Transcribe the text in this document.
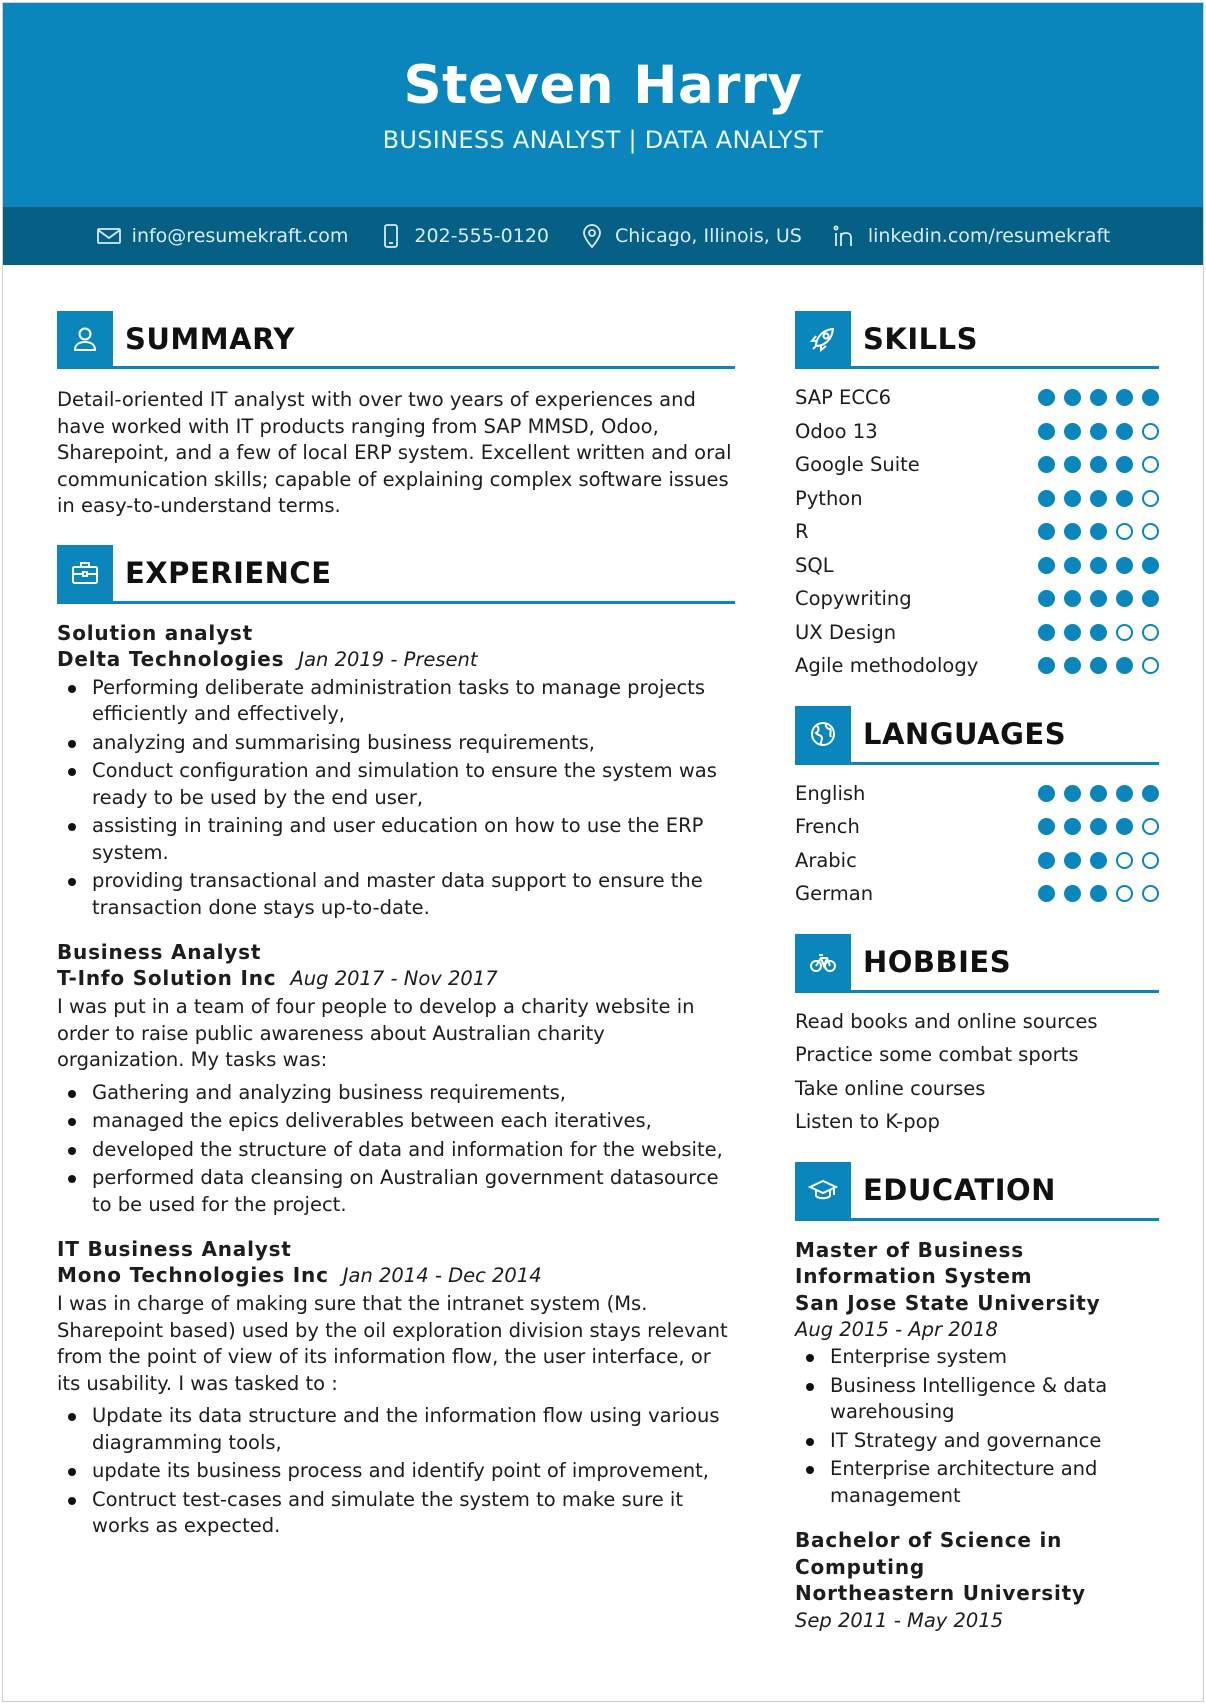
Steven Harry
BUSINESS ANALYST | DATA ANALYST
info@resumekraft.com	202-555-0120	Chicago, Illinois, US	linkedin.com/resumekraft
SUMMARY

Detail-oriented IT analyst with over two years of experiences and have worked with IT products ranging from SAP MMSD, Odoo, Sharepoint, and a few of local ERP system. Excellent written and oral communication skills; capable of explaining complex software issues in easy-to-understand terms.

EXPERIENCE
Solution analyst
Delta Technologies Jan 2019 - Present
Performing deliberate administration tasks to manage projects efficiently and effectively,
analyzing and summarising business requirements,
Conduct configuration and simulation to ensure the system was ready to be used by the end user,
assisting in training and user education on how to use the ERP system.
providing transactional and master data support to ensure the transaction done stays up-to-date.
Business Analyst
T-Info Solution Inc Aug 2017 - Nov 2017

I was put in a team of four people to develop a charity website in order to raise public awareness about Australian charity organization. My tasks was:

Gathering and analyzing business requirements,
managed the epics deliverables between each iteratives,
developed the structure of data and information for the website,
performed data cleansing on Australian government datasource to be used for the project.
IT Business Analyst
Mono Technologies Inc Jan 2014 - Dec 2014

I was in charge of making sure that the intranet system (Ms. Sharepoint based) used by the oil exploration division stays relevant from the point of view of its information flow, the user interface, or its usability. I was tasked to :

Update its data structure and the information flow using various diagramming tools,
update its business process and identify point of improvement,
Contruct test-cases and simulate the system to make sure it works as expected.
SKILLS
SAP ECC6
Odoo 13
Google Suite
Python
R
SQL
Copywriting
UX Design
Agile methodology
LANGUAGES
English
French
Arabic
German
HOBBIES
Read books and online sources
Practice some combat sports
Take online courses
Listen to K-pop
EDUCATION
Master of Business Information System
San Jose State University
Aug 2015 - Apr 2018
Enterprise system
Business Intelligence & data warehousing
IT Strategy and governance
Enterprise architecture and management
Bachelor of Science in Computing
Northeastern University
Sep 2011 - May 2015
